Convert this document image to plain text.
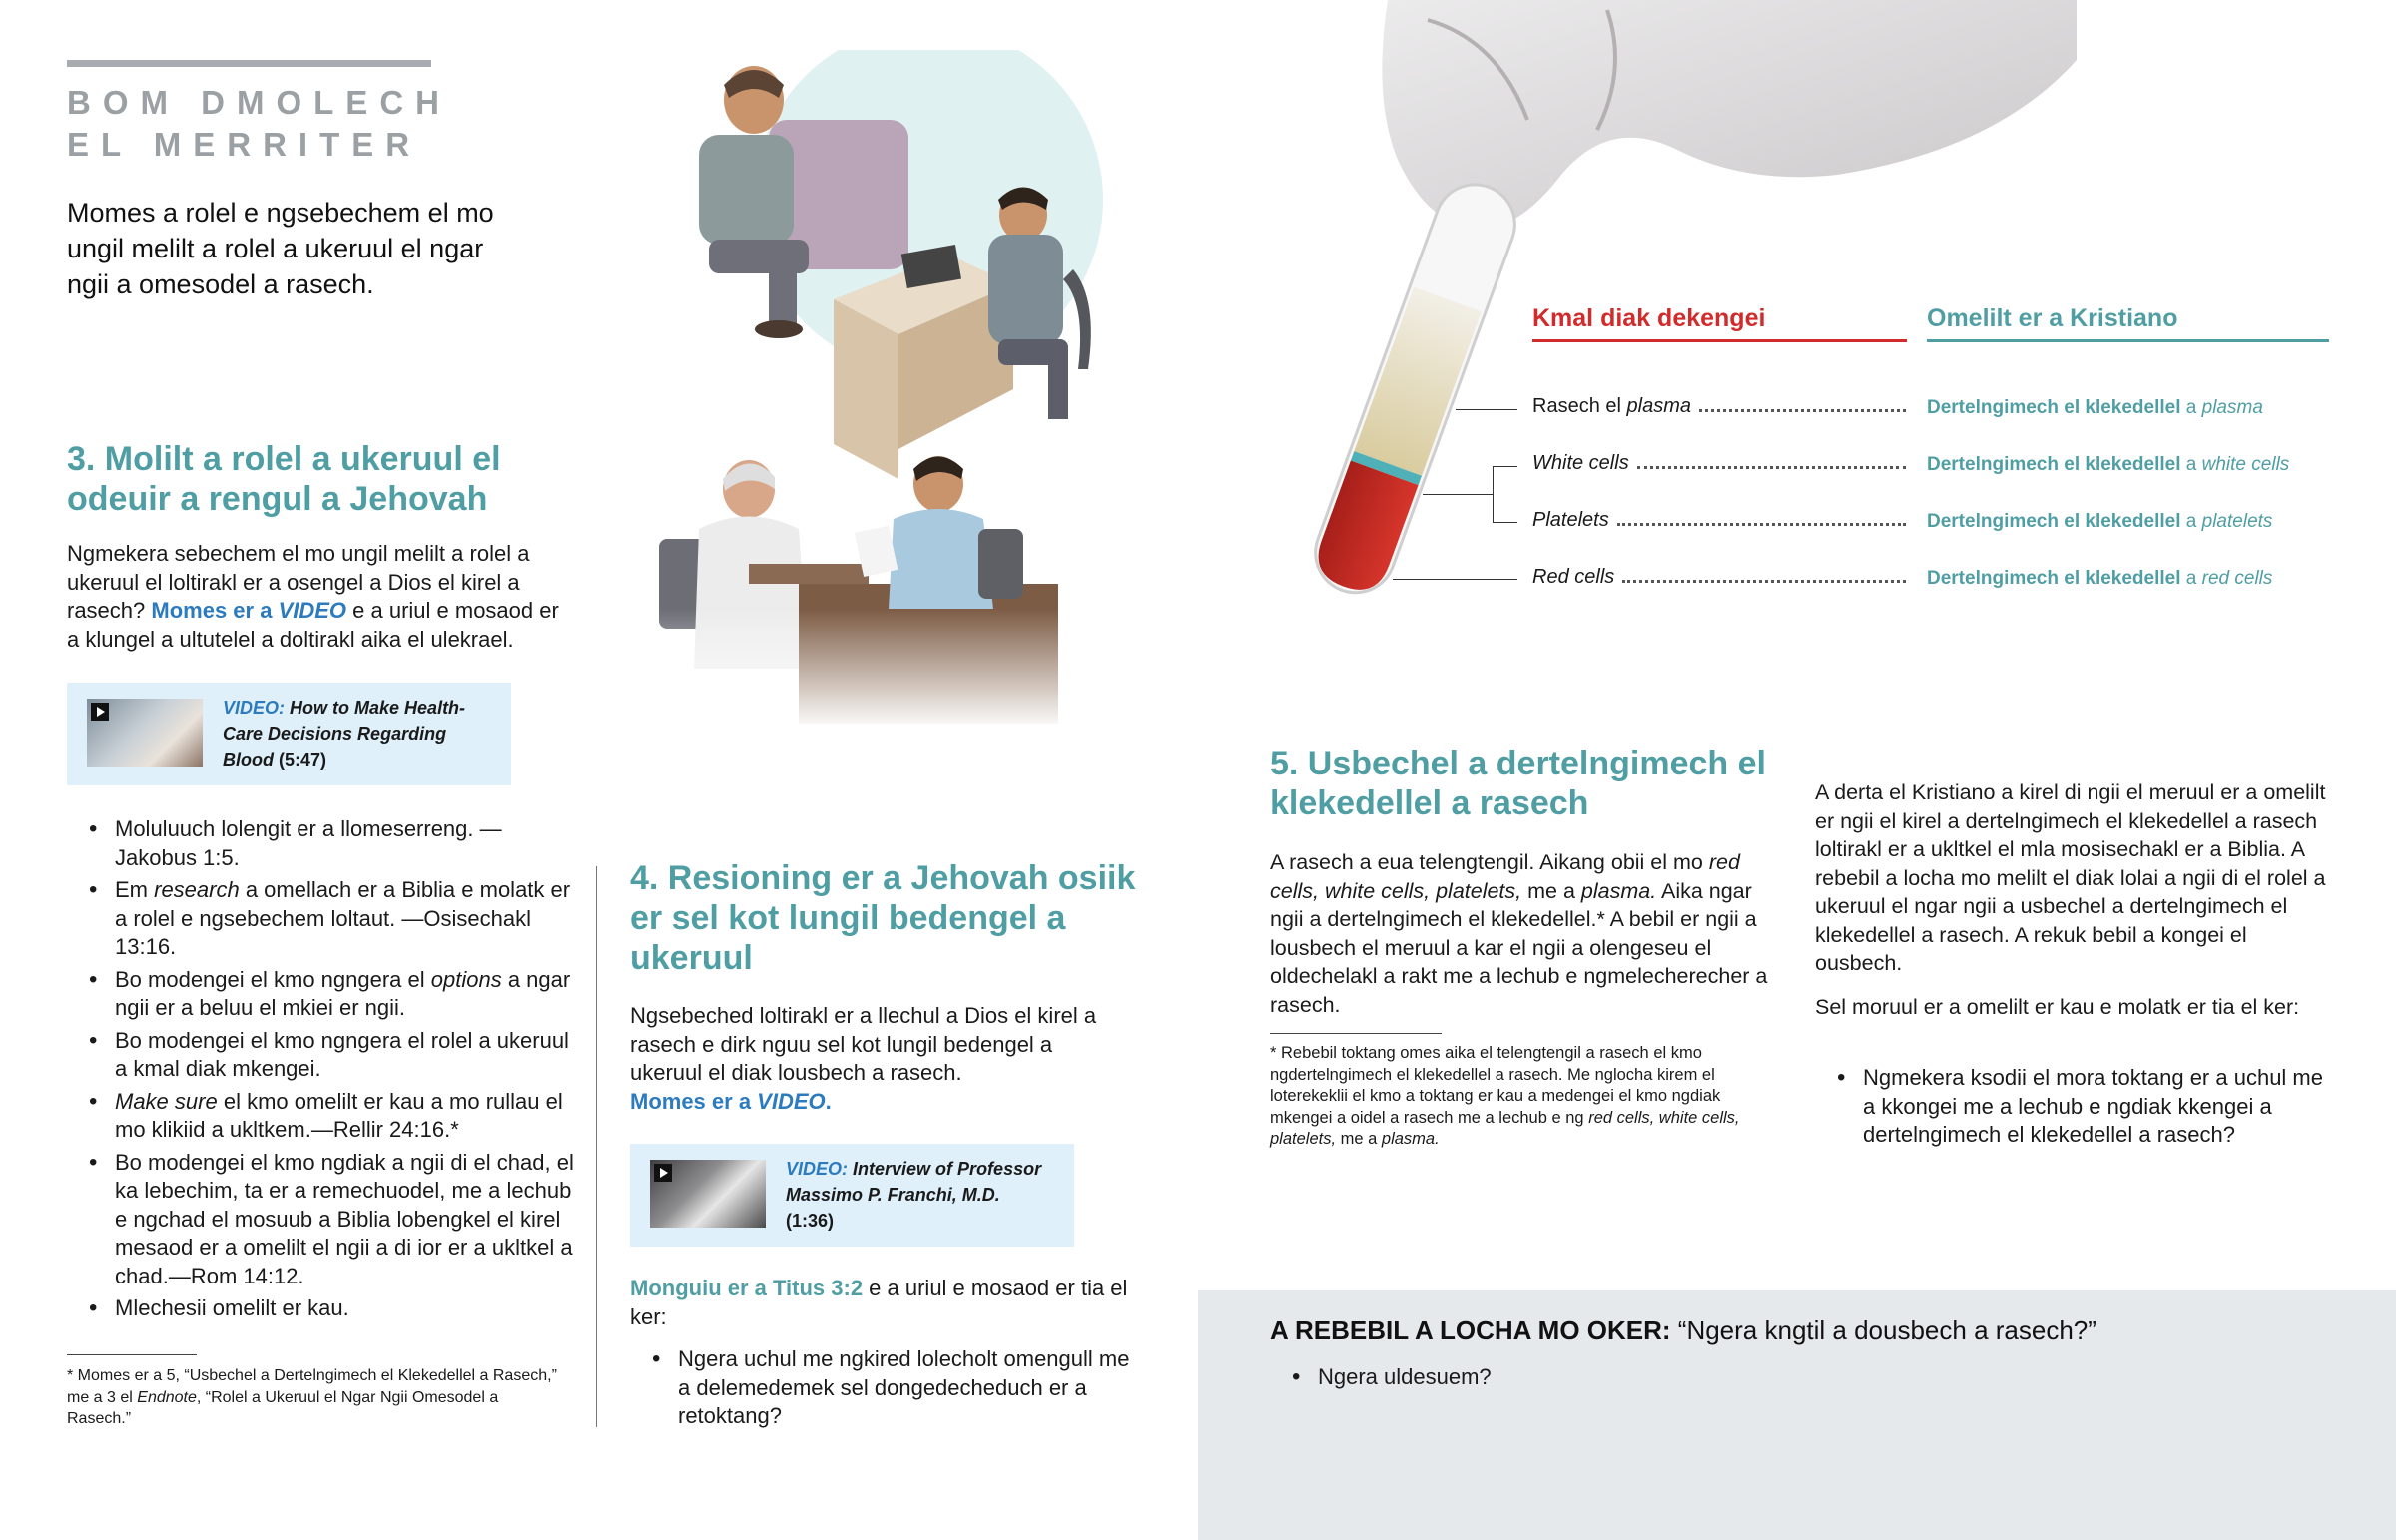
BOM DMOLECH
EL MERRITER
Momes a rolel e ngsebechem el mo ungil melilt a rolel a ukeruul el ngar ngii a omesodel a rasech.
3. Molilt a rolel a ukeruul el odeuir a rengul a Jehovah

Ngmekera sebechem el mo ungil melilt a rolel a ukeruul el loltirakl er a osengel a Dios el kirel a rasech? Momes er a VIDEO e a uriul e mosaod er a klungel a ultutelel a doltirakl aika el ulekrael.

VIDEO: How to Make Health-Care Decisions Regarding Blood (5:47)
• Moluluuch lolengit er a llomeserreng. —Jakobus 1:5.
• Em research a omellach er a Biblia e molatk er a rolel e ngsebechem loltaut. —Osisechakl 13:16.
• Bo modengei el kmo ngngera el options a ngar ngii er a beluu el mkiei er ngii.
• Bo modengei el kmo ngngera el rolel a ukeruul a kmal diak mkengei.
• Make sure el kmo omelilt er kau a mo rullau el mo klikiid a ukltkem.—Rellir 24:16.*
• Bo modengei el kmo ngdiak a ngii di el chad, el ka lebechim, ta er a remechuodel, me a lechub e ngchad el mosuub a Biblia lobengkel el kirel mesaod er a omelilt el ngii a di ior er a ukltkel a chad.—Rom 14:12.
• Mlechesii omelilt er kau.
* Momes er a 5, “Usbechel a Dertelngimech el Klekedellel a Rasech,” me a 3 el Endnote, “Rolel a Ukeruul el Ngar Ngii Omesodel a Rasech.”
4. Resioning er a Jehovah osiik er sel kot lungil bedengel a ukeruul

Ngsebeched loltirakl er a llechul a Dios el kirel a rasech e dirk nguu sel kot lungil bedengel a ukeruul el diak lousbech a rasech.
Momes er a VIDEO.

VIDEO: Interview of Professor Massimo P. Franchi, M.D.
(1:36)

Monguiu er a Titus 3:2 e a uriul e mosaod er tia el ker:

• Ngera uchul me ngkired lolecholt omengull me a delemedemek sel dongedecheduch er a retoktang?
Kmal diak dekengei	Omelilt er a Kristiano
Rasech el plasma	Dertelngimech el klekedellel a plasma
White cells	Dertelngimech el klekedellel a white cells
Platelets	Dertelngimech el klekedellel a platelets
Red cells	Dertelngimech el klekedellel a red cells
5. Usbechel a dertelngimech el klekedellel a rasech

A rasech a eua telengtengil. Aikang obii el mo red cells, white cells, platelets, me a plasma. Aika ngar ngii a dertelngimech el klekedellel.* A bebil er ngii a lousbech el meruul a kar el ngii a olengeseu el oldechelakl a rakt me a lechub e ngmelecherecher a rasech.

* Rebebil toktang omes aika el telengtengil a rasech el kmo ngdertelngimech el klekedellel a rasech. Me nglocha kirem el loterekeklii el kmo a toktang er kau a medengei el kmo ngdiak mkengei a oidel a rasech me a lechub e ng red cells, white cells, platelets, me a plasma.

A derta el Kristiano a kirel di ngii el meruul er a omelilt er ngii el kirel a dertelngimech el klekedellel a rasech loltirakl er a ukltkel el mla mosisechakl er a Biblia. A rebebil a locha mo melilt el diak lolai a ngii di el rolel a ukeruul el ngar ngii a usbechel a dertelngimech el klekedellel a rasech. A rekuk bebil a kongei el ousbech.

Sel moruul er a omelilt er kau e molatk er tia el ker:

• Ngmekera ksodii el mora toktang er a uchul me a kkongei me a lechub e ngdiak kkengei a dertelngimech el klekedellel a rasech?
A REBEBIL A LOCHA MO OKER: “Ngera kngtil a dousbech a rasech?”
• Ngera uldesuem?
